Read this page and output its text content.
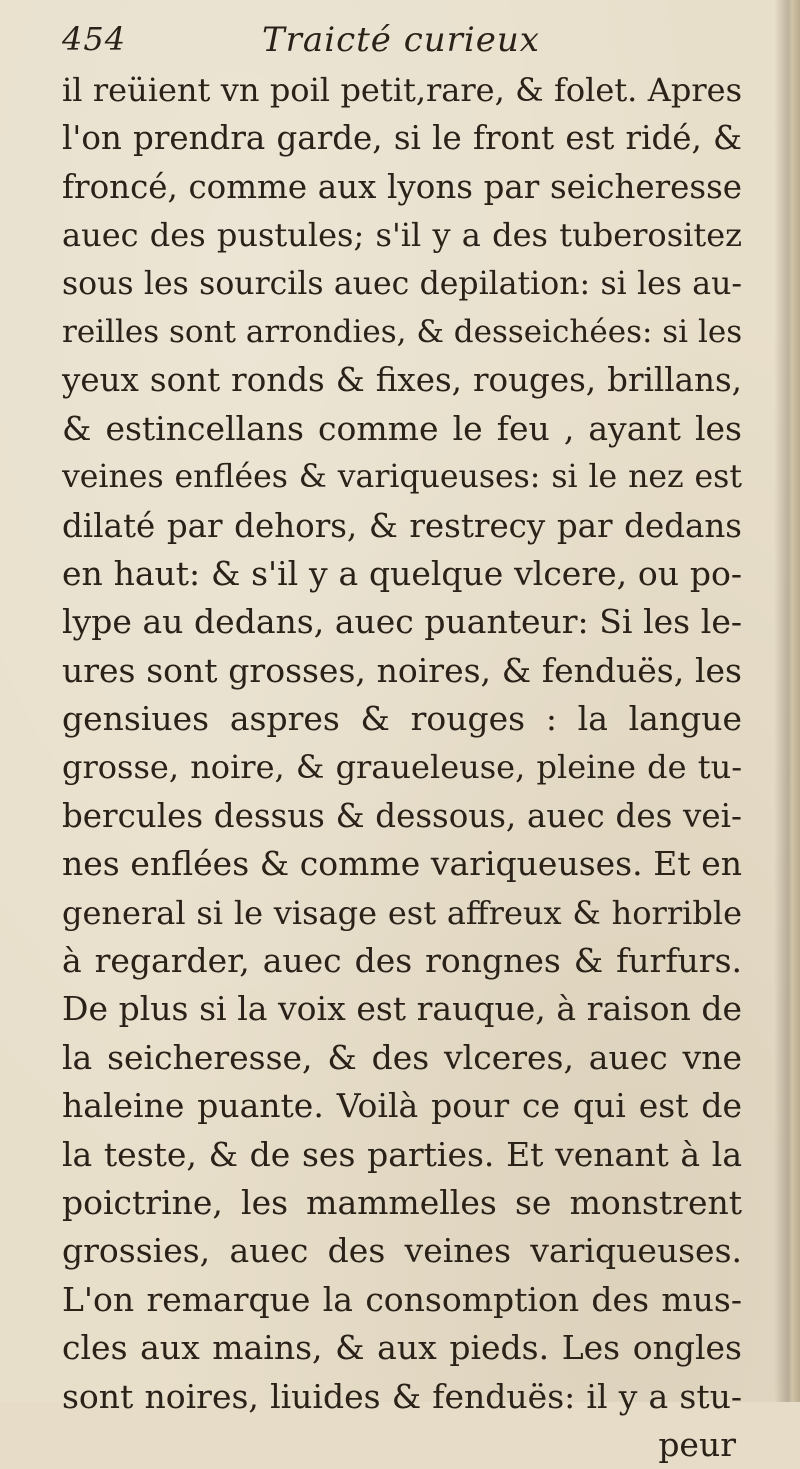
454	Traicté curieux
il reüient vn poil petit,rare, & folet. Apres
l'on prendra garde, si le front est ridé, &
froncé, comme aux lyons par seicheresse
auec des pustules; s'il y a des tuberositez
sous les sourcils auec depilation: si les au-
reilles sont arrondies, & desseichées: si les
yeux sont ronds & fixes, rouges, brillans,
& estincellans comme le feu , ayant les
veines enflées & variqueuses: si le nez est
dilaté par dehors, & restrecy par dedans
en haut: & s'il y a quelque vlcere, ou po-
lype au dedans, auec puanteur: Si les le-
ures sont grosses, noires, & fenduës, les
gensiues aspres & rouges : la langue
grosse, noire, & graueleuse, pleine de tu-
bercules dessus & dessous, auec des vei-
nes enflées & comme variqueuses. Et en
general si le visage est affreux & horrible
à regarder, auec des rongnes & furfurs.
De plus si la voix est rauque, à raison de
la seicheresse, & des vlceres, auec vne
haleine puante. Voilà pour ce qui est de
la teste, & de ses parties. Et venant à la
poictrine, les mammelles se monstrent
grossies, auec des veines variqueuses.
L'on remarque la consomption des mus-
cles aux mains, & aux pieds. Les ongles
sont noires, liuides & fenduës: il y a stu-
peur
